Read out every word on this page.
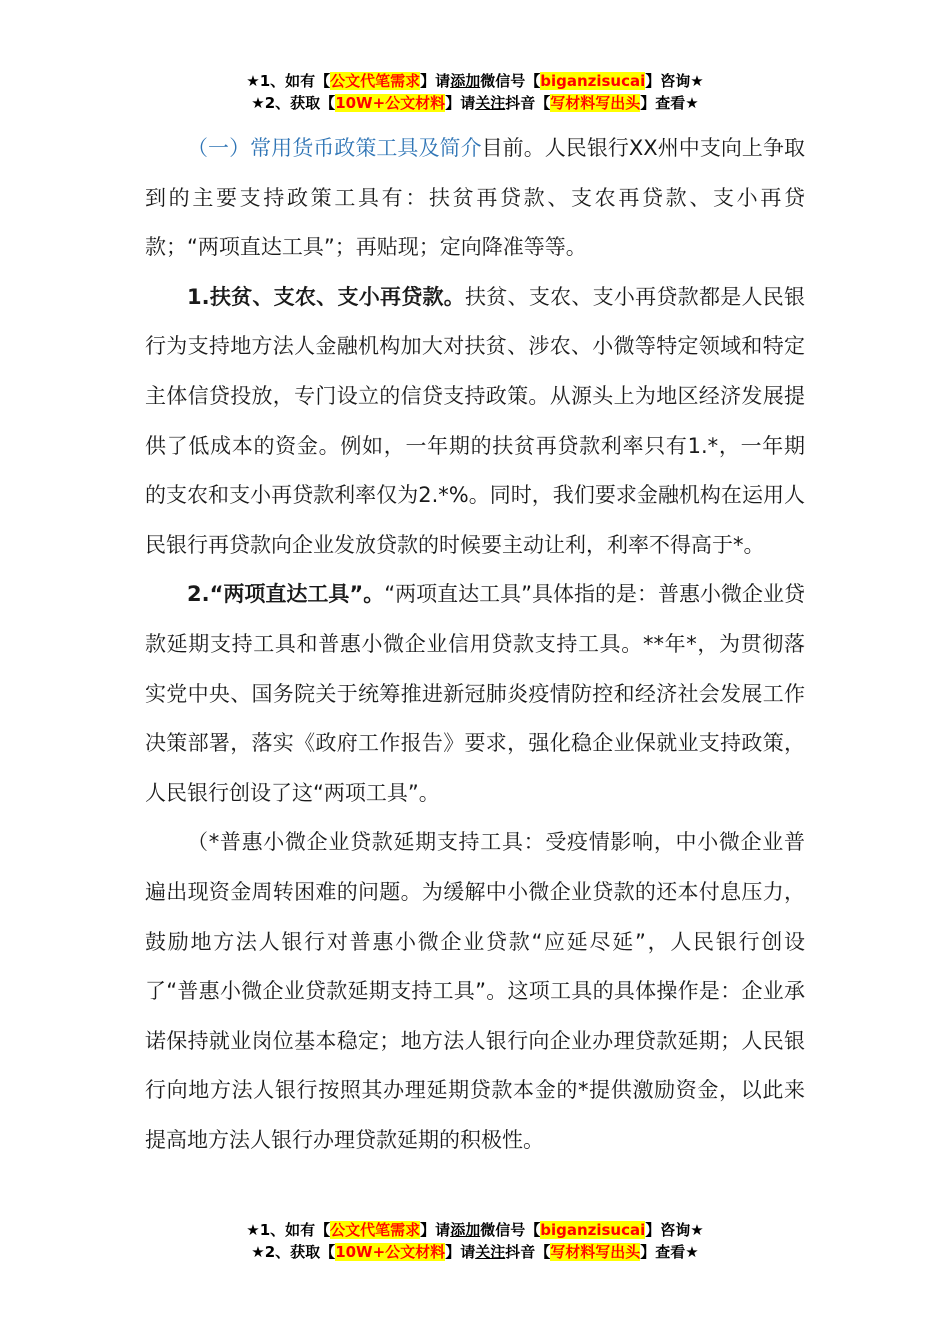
★1、如有【公文代笔需求】请添加微信号【biganzisucai】咨询★
★2、获取【10W+公文材料】请关注抖音【写材料写出头】查看★

（一）常用货币政策工具及简介目前。人民银行XX州中支向上争取到的主要支持政策工具有：扶贫再贷款、支农再贷款、支小再贷款；“两项直达工具”；再贴现；定向降准等等。

1.扶贫、支农、支小再贷款。扶贫、支农、支小再贷款都是人民银行为支持地方法人金融机构加大对扶贫、涉农、小微等特定领域和特定主体信贷投放，专门设立的信贷支持政策。从源头上为地区经济发展提供了低成本的资金。例如，一年期的扶贫再贷款利率只有1.*，一年期的支农和支小再贷款利率仅为2.*%。同时，我们要求金融机构在运用人民银行再贷款向企业发放贷款的时候要主动让利，利率不得高于*。

2.“两项直达工具”。“两项直达工具”具体指的是：普惠小微企业贷款延期支持工具和普惠小微企业信用贷款支持工具。**年*，为贯彻落实党中央、国务院关于统筹推进新冠肺炎疫情防控和经济社会发展工作决策部署，落实《政府工作报告》要求，强化稳企业保就业支持政策，人民银行创设了这“两项工具”。

（*普惠小微企业贷款延期支持工具：受疫情影响，中小微企业普遍出现资金周转困难的问题。为缓解中小微企业贷款的还本付息压力，鼓励地方法人银行对普惠小微企业贷款“应延尽延”，人民银行创设了“普惠小微企业贷款延期支持工具”。这项工具的具体操作是：企业承诺保持就业岗位基本稳定；地方法人银行向企业办理贷款延期；人民银行向地方法人银行按照其办理延期贷款本金的*提供激励资金，以此来提高地方法人银行办理贷款延期的积极性。

★1、如有【公文代笔需求】请添加微信号【biganzisucai】咨询★
★2、获取【10W+公文材料】请关注抖音【写材料写出头】查看★
